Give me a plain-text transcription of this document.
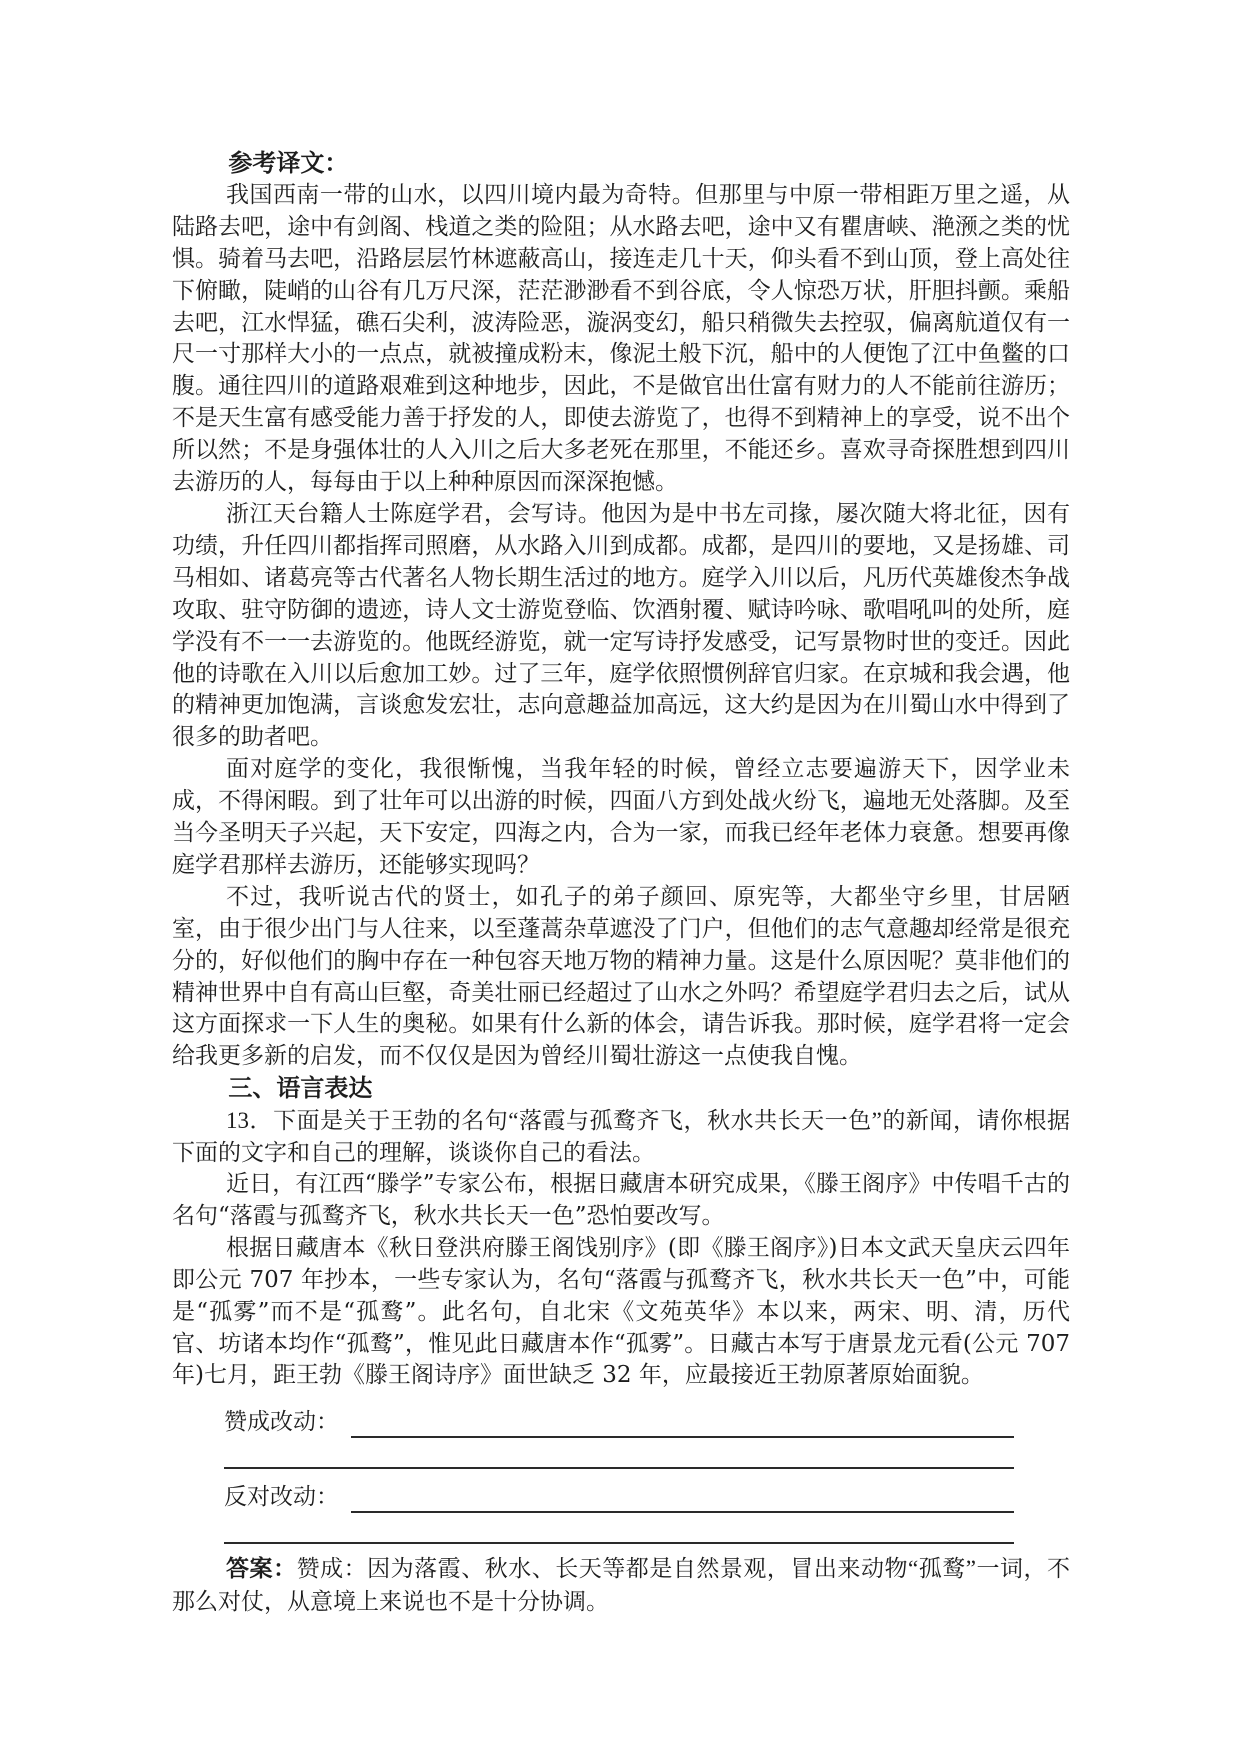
参考译文：

我国西南一带的山水，以四川境内最为奇特。但那里与中原一带相距万里之遥，从陆路去吧，途中有剑阁、栈道之类的险阻；从水路去吧，途中又有瞿唐峡、滟滪之类的忧惧。骑着马去吧，沿路层层竹林遮蔽高山，接连走几十天，仰头看不到山顶，登上高处往下俯瞰，陡峭的山谷有几万尺深，茫茫渺渺看不到谷底，令人惊恐万状，肝胆抖颤。乘船去吧，江水悍猛，礁石尖利，波涛险恶，漩涡变幻，船只稍微失去控驭，偏离航道仅有一尺一寸那样大小的一点点，就被撞成粉末，像泥土般下沉，船中的人便饱了江中鱼鳖的口腹。通往四川的道路艰难到这种地步，因此，不是做官出仕富有财力的人不能前往游历；不是天生富有感受能力善于抒发的人，即使去游览了，也得不到精神上的享受，说不出个所以然；不是身强体壮的人入川之后大多老死在那里，不能还乡。喜欢寻奇探胜想到四川去游历的人，每每由于以上种种原因而深深抱憾。

浙江天台籍人士陈庭学君，会写诗。他因为是中书左司掾，屡次随大将北征，因有功绩，升任四川都指挥司照磨，从水路入川到成都。成都，是四川的要地，又是扬雄、司马相如、诸葛亮等古代著名人物长期生活过的地方。庭学入川以后，凡历代英雄俊杰争战攻取、驻守防御的遗迹，诗人文士游览登临、饮酒射覆、赋诗吟咏、歌唱吼叫的处所，庭学没有不一一去游览的。他既经游览，就一定写诗抒发感受，记写景物时世的变迁。因此他的诗歌在入川以后愈加工妙。过了三年，庭学依照惯例辞官归家。在京城和我会遇，他的精神更加饱满，言谈愈发宏壮，志向意趣益加高远，这大约是因为在川蜀山水中得到了很多的助者吧。

面对庭学的变化，我很惭愧，当我年轻的时候，曾经立志要遍游天下，因学业未成，不得闲暇。到了壮年可以出游的时候，四面八方到处战火纷飞，遍地无处落脚。及至当今圣明天子兴起，天下安定，四海之内，合为一家，而我已经年老体力衰惫。想要再像庭学君那样去游历，还能够实现吗？

不过，我听说古代的贤士，如孔子的弟子颜回、原宪等，大都坐守乡里，甘居陋室，由于很少出门与人往来，以至蓬蒿杂草遮没了门户，但他们的志气意趣却经常是很充分的，好似他们的胸中存在一种包容天地万物的精神力量。这是什么原因呢？莫非他们的精神世界中自有高山巨壑，奇美壮丽已经超过了山水之外吗？希望庭学君归去之后，试从这方面探求一下人生的奥秘。如果有什么新的体会，请告诉我。那时候，庭学君将一定会给我更多新的启发，而不仅仅是因为曾经川蜀壮游这一点使我自愧。

三、语言表达

13．下面是关于王勃的名句“落霞与孤鹜齐飞，秋水共长天一色”的新闻，请你根据下面的文字和自己的理解，谈谈你自己的看法。

近日，有江西“滕学”专家公布，根据日藏唐本研究成果，《滕王阁序》中传唱千古的名句“落霞与孤鹜齐飞，秋水共长天一色”恐怕要改写。

根据日藏唐本《秋日登洪府滕王阁饯别序》(即《滕王阁序》)日本文武天皇庆云四年即公元 707 年抄本，一些专家认为，名句“落霞与孤鹜齐飞，秋水共长天一色”中，可能是“孤雾”而不是“孤鹜”。此名句，自北宋《文苑英华》本以来，两宋、明、清，历代官、坊诸本均作“孤鹜”，惟见此日藏唐本作“孤雾”。日藏古本写于唐景龙元看(公元 707 年)七月，距王勃《滕王阁诗序》面世缺乏 32 年，应最接近王勃原著原始面貌。

赞成改动：
反对改动：

答案：赞成：因为落霞、秋水、长天等都是自然景观，冒出来动物“孤鹜”一词，不那么对仗，从意境上来说也不是十分协调。
